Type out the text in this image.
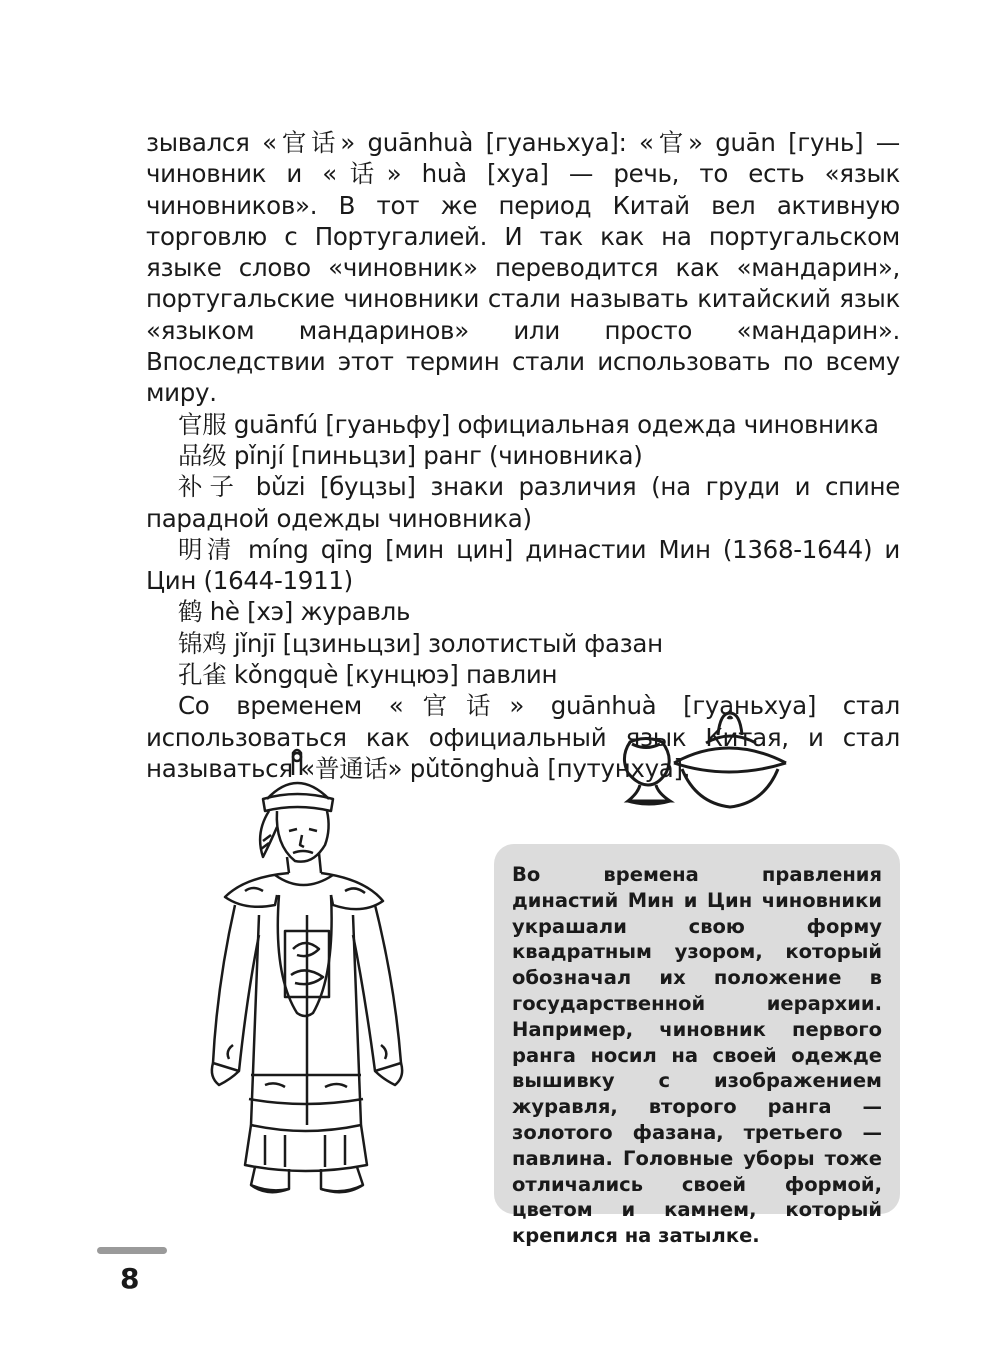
зывался «官话» guānhuà [гуаньхуа]: «官» guān [гунь] — чиновник и «话» huà [хуа] — речь, то есть «язык чиновников». В тот же период Китай вел активную торговлю с Португалией. И так как на португальском языке слово «чиновник» переводится как «мандарин», португальские чиновники стали называть китайский язык «языком мандаринов» или просто «мандарин». Впоследствии этот термин стали использовать по всему миру.

官服 guānfú [гуаньфу] официальная одежда чиновника

品级 pǐnjí [пиньцзи] ранг (чиновника)

补子 bǔzi [буцзы] знаки различия (на груди и спине парадной одежды чиновника)

明清 míng qīng [мин цин] династии Мин (1368-1644) и Цин (1644-1911)

鹤 hè [хэ] журавль

锦鸡 jǐnjī [цзиньцзи] золотистый фазан

孔雀 kǒngquè [кунцюэ] павлин

Со временем «官话» guānhuà [гуаньхуа] стал использоваться как официальный язык Китая, и стал называться «普通话» pǔtōnghuà [путунхуа].

Во времена правления династий Мин и Цин чиновники украшали свою форму квадратным узором, который обозначал их положение в государственной иерархии. Например, чиновник первого ранга носил на своей одежде вышивку с изображением журавля, второго ранга — золотого фазана, третьего — павлина. Головные уборы тоже отличались своей формой, цветом и камнем, который крепился на затылке.

8
